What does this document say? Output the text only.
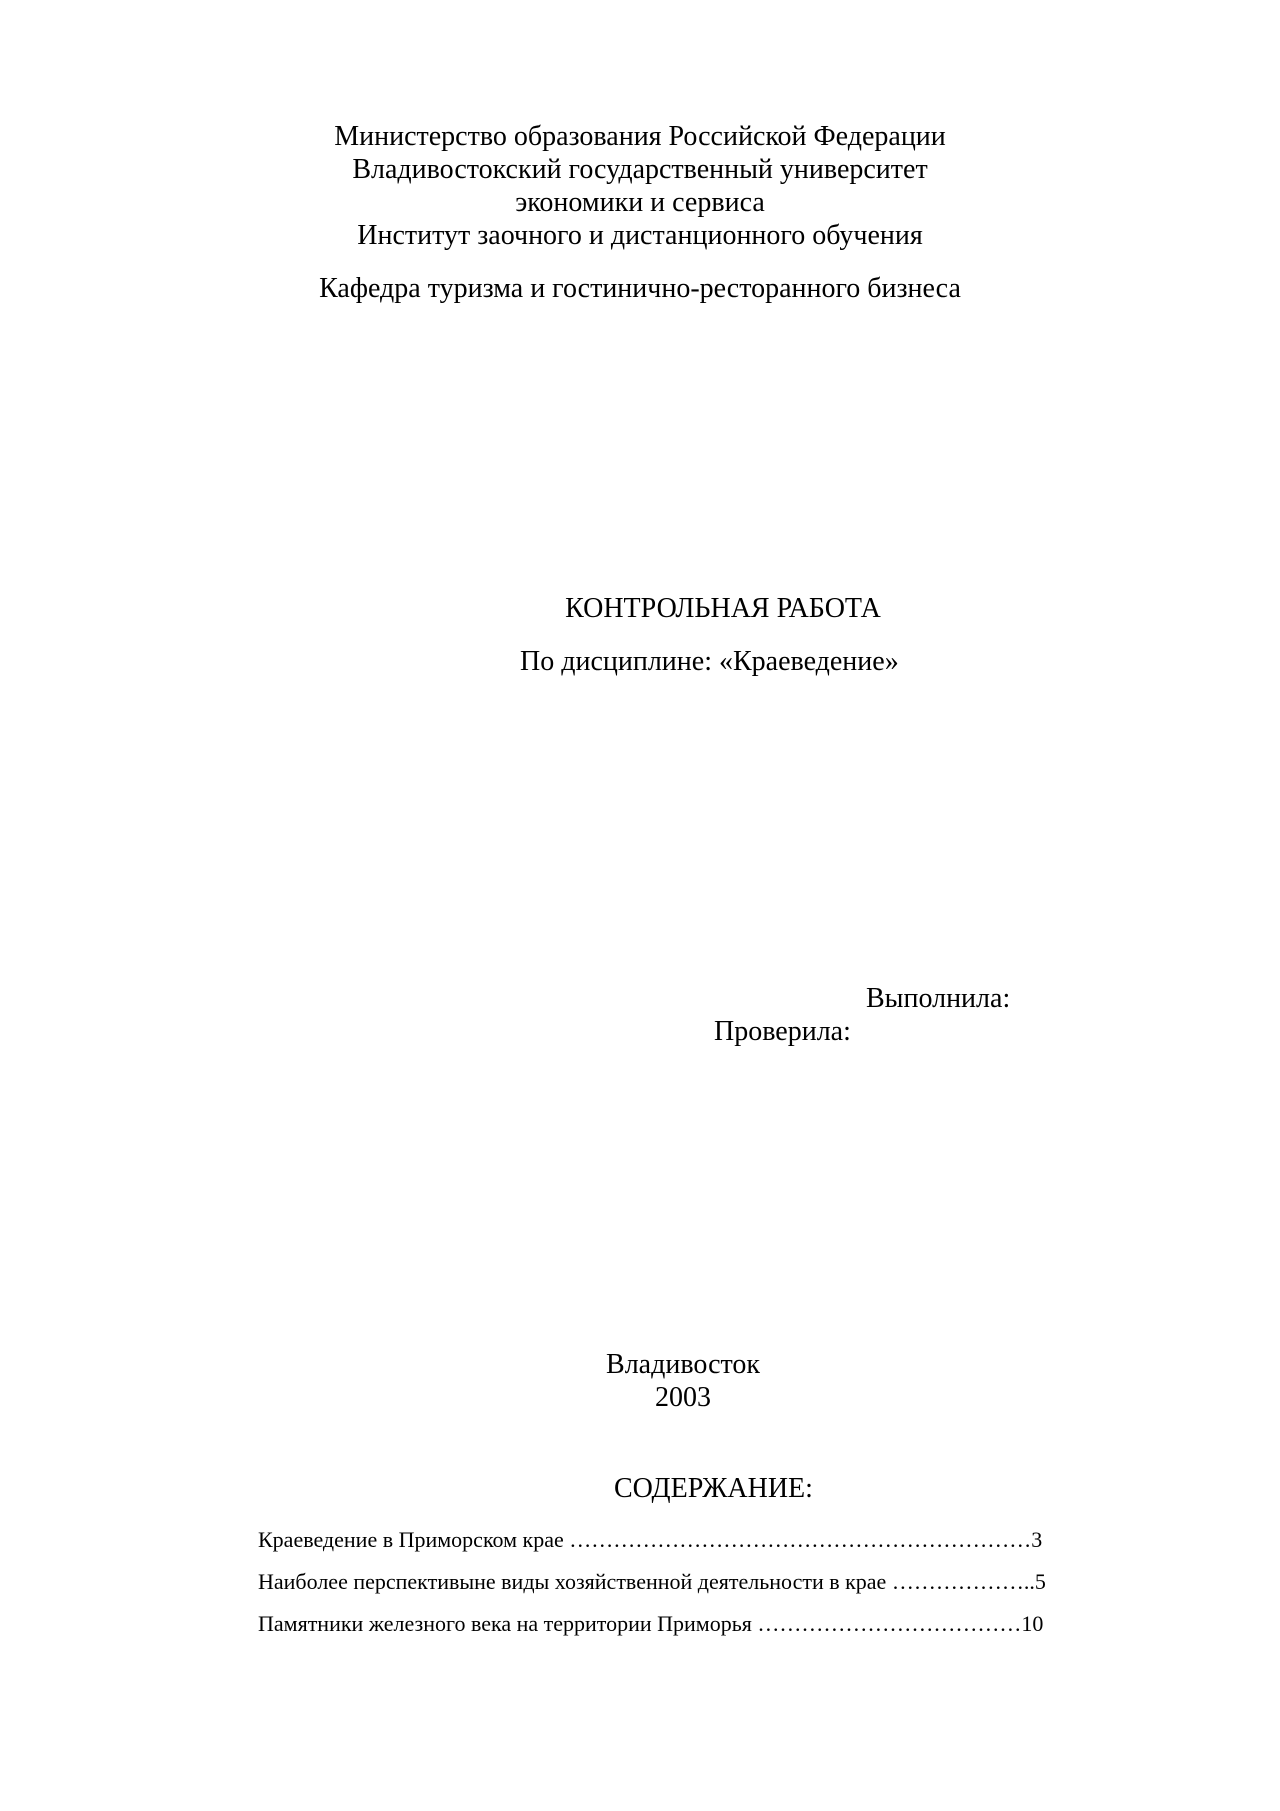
Министерство образования Российской Федерации
Владивостокский государственный университет
экономики и сервиса
Институт заочного и дистанционного обучения
Кафедра туризма и гостинично-ресторанного бизнеса
КОНТРОЛЬНАЯ РАБОТА
По дисциплине: «Краеведение»
Выполнила:
Проверила:
Владивосток
2003
СОДЕРЖАНИЕ:
Краеведение в Приморском крае ………………………………………………………3
Наиболее перспективыне виды хозяйственной деятельности в крае ………………..5
Памятники железного века на территории Приморья ………………………………10
